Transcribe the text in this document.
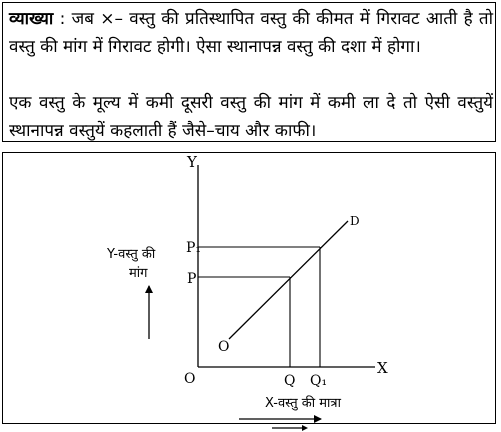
व्याख्या : जब ×– वस्तु की प्रतिस्थापित वस्तु की कीमत में गिरावट आती है तो वस्तु की मांग में गिरावट होगी। ऐसा स्थानापन्न वस्तु की दशा में होगा।
एक वस्तु के मूल्य में कमी दूसरी वस्तु की मांग में कमी ला दे तो ऐसी वस्तुयें स्थानापन्न वस्तुयें कहलाती हैं जैसे–चाय और काफी।
Y
X
O
O
D
P₁
P
Q Q₁
Y-वस्तु की
मांग
X-वस्तु की मात्रा
